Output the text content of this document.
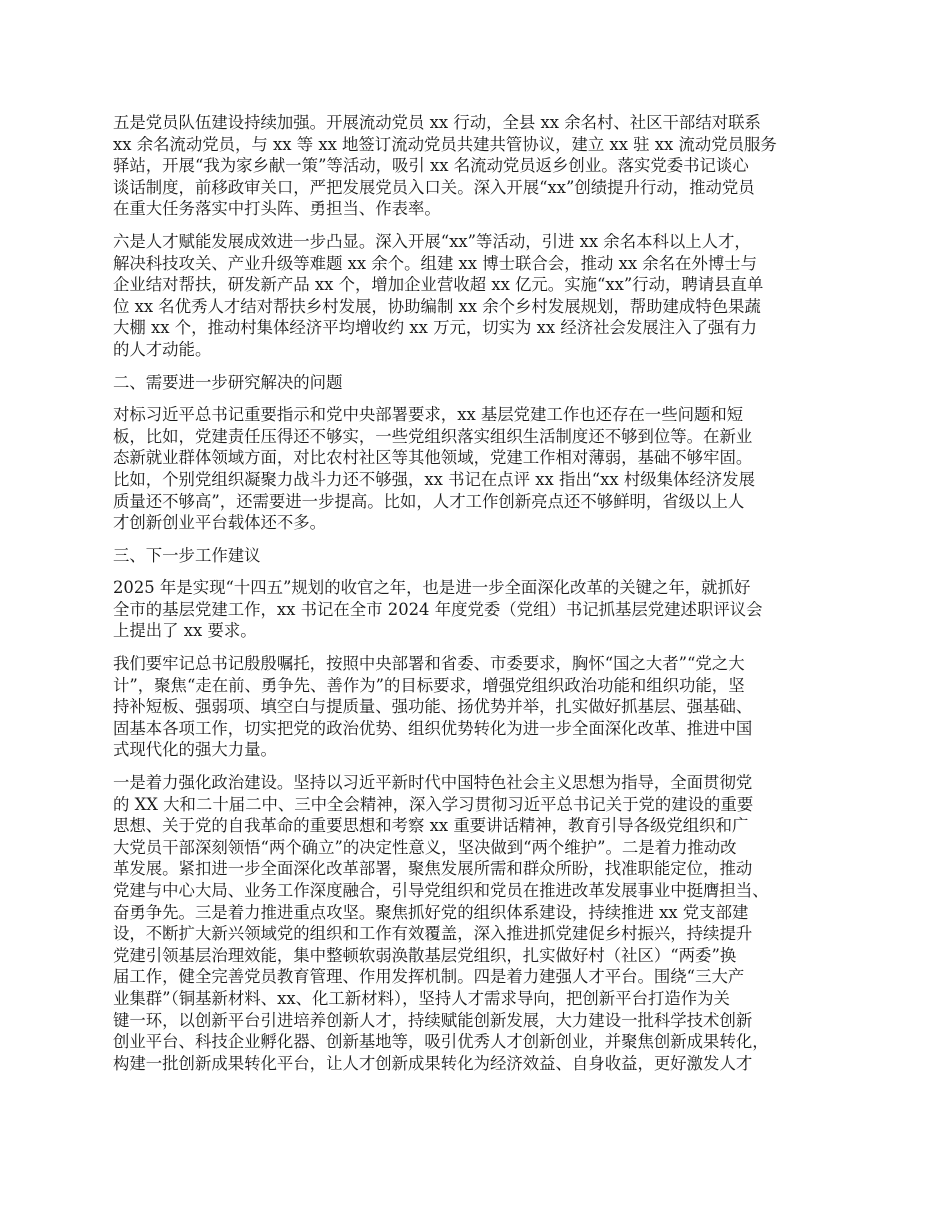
五是党员队伍建设持续加强。开展流动党员 xx 行动，全县 xx 余名村、社区干部结对联系
xx 余名流动党员，与 xx 等 xx 地签订流动党员共建共管协议，建立 xx 驻 xx 流动党员服务
驿站，开展“我为家乡献一策”等活动，吸引 xx 名流动党员返乡创业。落实党委书记谈心
谈话制度，前移政审关口，严把发展党员入口关。深入开展“xx”创绩提升行动，推动党员
在重大任务落实中打头阵、勇担当、作表率。
六是人才赋能发展成效进一步凸显。深入开展“xx”等活动，引进 xx 余名本科以上人才，
解决科技攻关、产业升级等难题 xx 余个。组建 xx 博士联合会，推动 xx 余名在外博士与
企业结对帮扶，研发新产品 xx 个，增加企业营收超 xx 亿元。实施“xx”行动，聘请县直单
位 xx 名优秀人才结对帮扶乡村发展，协助编制 xx 余个乡村发展规划，帮助建成特色果蔬
大棚 xx 个，推动村集体经济平均增收约 xx 万元，切实为 xx 经济社会发展注入了强有力
的人才动能。
二、需要进一步研究解决的问题
对标习近平总书记重要指示和党中央部署要求，xx 基层党建工作也还存在一些问题和短
板，比如，党建责任压得还不够实，一些党组织落实组织生活制度还不够到位等。在新业
态新就业群体领域方面，对比农村社区等其他领域，党建工作相对薄弱，基础不够牢固。
比如，个别党组织凝聚力战斗力还不够强，xx 书记在点评 xx 指出“xx 村级集体经济发展
质量还不够高”，还需要进一步提高。比如，人才工作创新亮点还不够鲜明，省级以上人
才创新创业平台载体还不多。
三、下一步工作建议
2025 年是实现“十四五”规划的收官之年，也是进一步全面深化改革的关键之年，就抓好
全市的基层党建工作，xx 书记在全市 2024 年度党委（党组）书记抓基层党建述职评议会
上提出了 xx 要求。
我们要牢记总书记殷殷嘱托，按照中央部署和省委、市委要求，胸怀“国之大者”“党之大
计”，聚焦“走在前、勇争先、善作为”的目标要求，增强党组织政治功能和组织功能，坚
持补短板、强弱项、填空白与提质量、强功能、扬优势并举，扎实做好抓基层、强基础、
固基本各项工作，切实把党的政治优势、组织优势转化为进一步全面深化改革、推进中国
式现代化的强大力量。
一是着力强化政治建设。坚持以习近平新时代中国特色社会主义思想为指导，全面贯彻党
的 XX 大和二十届二中、三中全会精神，深入学习贯彻习近平总书记关于党的建设的重要
思想、关于党的自我革命的重要思想和考察 xx 重要讲话精神，教育引导各级党组织和广
大党员干部深刻领悟“两个确立”的决定性意义，坚决做到“两个维护”。二是着力推动改
革发展。紧扣进一步全面深化改革部署，聚焦发展所需和群众所盼，找准职能定位，推动
党建与中心大局、业务工作深度融合，引导党组织和党员在推进改革发展事业中挺膺担当、
奋勇争先。三是着力推进重点攻坚。聚焦抓好党的组织体系建设，持续推进 xx 党支部建
设，不断扩大新兴领域党的组织和工作有效覆盖，深入推进抓党建促乡村振兴，持续提升
党建引领基层治理效能，集中整顿软弱涣散基层党组织，扎实做好村（社区）“两委”换
届工作，健全完善党员教育管理、作用发挥机制。四是着力建强人才平台。围绕“三大产
业集群”（铜基新材料、xx、化工新材料），坚持人才需求导向，把创新平台打造作为关
键一环，以创新平台引进培养创新人才，持续赋能创新发展，大力建设一批科学技术创新
创业平台、科技企业孵化器、创新基地等，吸引优秀人才创新创业，并聚焦创新成果转化，
构建一批创新成果转化平台，让人才创新成果转化为经济效益、自身收益，更好激发人才
